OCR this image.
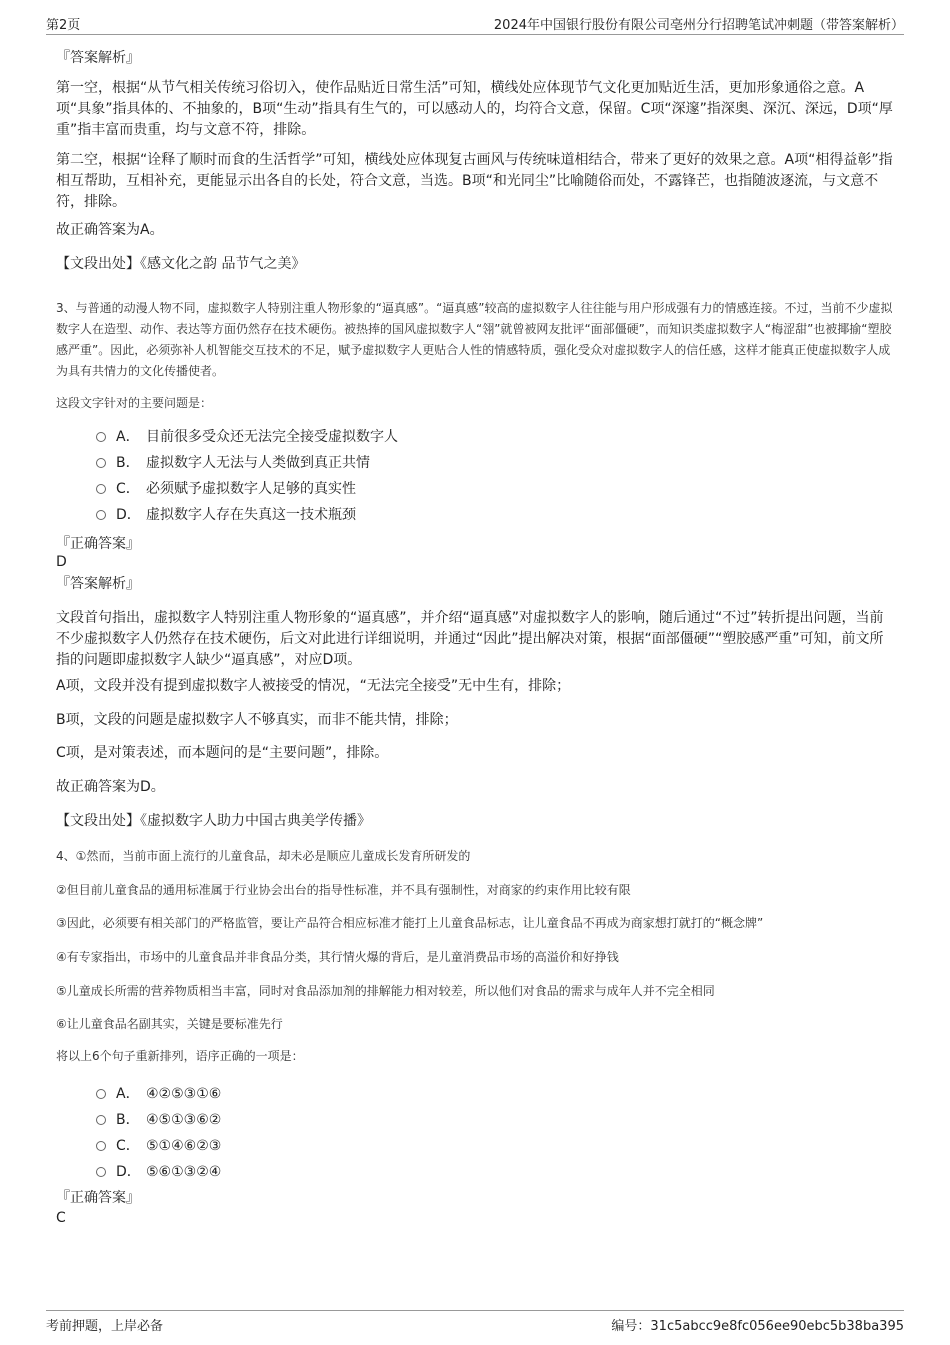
第2页	2024年中国银行股份有限公司亳州分行招聘笔试冲刺题（带答案解析）
『答案解析』
第一空，根据“从节气相关传统习俗切入，使作品贴近日常生活”可知，横线处应体现节气文化更加贴近生活，更加形象通俗之意。A项“具象”指具体的、不抽象的，B项“生动”指具有生气的，可以感动人的，均符合文意，保留。C项“深邃”指深奥、深沉、深远，D项“厚重”指丰富而贵重，均与文意不符，排除。
第二空，根据“诠释了顺时而食的生活哲学”可知，横线处应体现复古画风与传统味道相结合，带来了更好的效果之意。A项“相得益彰”指相互帮助，互相补充，更能显示出各自的长处，符合文意，当选。B项“和光同尘”比喻随俗而处，不露锋芒，也指随波逐流，与文意不符，排除。
故正确答案为A。
【文段出处】《感文化之韵 品节气之美》
3、与普通的动漫人物不同，虚拟数字人特别注重人物形象的“逼真感”。“逼真感”较高的虚拟数字人往往能与用户形成强有力的情感连接。不过，当前不少虚拟数字人在造型、动作、表达等方面仍然存在技术硬伤。被热捧的国风虚拟数字人“翎”就曾被网友批评“面部僵硬”，而知识类虚拟数字人“梅涩甜”也被揶揄“塑胶感严重”。因此，必须弥补人机智能交互技术的不足，赋予虚拟数字人更贴合人性的情感特质，强化受众对虚拟数字人的信任感，这样才能真正使虚拟数字人成为具有共情力的文化传播使者。
这段文字针对的主要问题是：
A． 目前很多受众还无法完全接受虚拟数字人
B． 虚拟数字人无法与人类做到真正共情
C． 必须赋予虚拟数字人足够的真实性
D． 虚拟数字人存在失真这一技术瓶颈
『正确答案』
D
『答案解析』
文段首句指出，虚拟数字人特别注重人物形象的“逼真感”，并介绍“逼真感”对虚拟数字人的影响，随后通过“不过”转折提出问题，当前不少虚拟数字人仍然存在技术硬伤，后文对此进行详细说明，并通过“因此”提出解决对策，根据“面部僵硬”“塑胶感严重”可知，前文所指的问题即虚拟数字人缺少“逼真感”，对应D项。
A项，文段并没有提到虚拟数字人被接受的情况，“无法完全接受”无中生有，排除；
B项，文段的问题是虚拟数字人不够真实，而非不能共情，排除；
C项，是对策表述，而本题问的是“主要问题”，排除。
故正确答案为D。
【文段出处】《虚拟数字人助力中国古典美学传播》
4、①然而，当前市面上流行的儿童食品，却未必是顺应儿童成长发育所研发的
②但目前儿童食品的通用标准属于行业协会出台的指导性标准，并不具有强制性，对商家的约束作用比较有限
③因此，必须要有相关部门的严格监管，要让产品符合相应标准才能打上儿童食品标志，让儿童食品不再成为商家想打就打的“概念牌”
④有专家指出，市场中的儿童食品并非食品分类，其行情火爆的背后，是儿童消费品市场的高溢价和好挣钱
⑤儿童成长所需的营养物质相当丰富，同时对食品添加剂的排解能力相对较差，所以他们对食品的需求与成年人并不完全相同
⑥让儿童食品名副其实，关键是要标准先行
将以上6个句子重新排列，语序正确的一项是：
A． ④②⑤③①⑥
B． ④⑤①③⑥②
C． ⑤①④⑥②③
D． ⑤⑥①③②④
『正确答案』
C
考前押题，上岸必备	编号：31c5abcc9e8fc056ee90ebc5b38ba395
